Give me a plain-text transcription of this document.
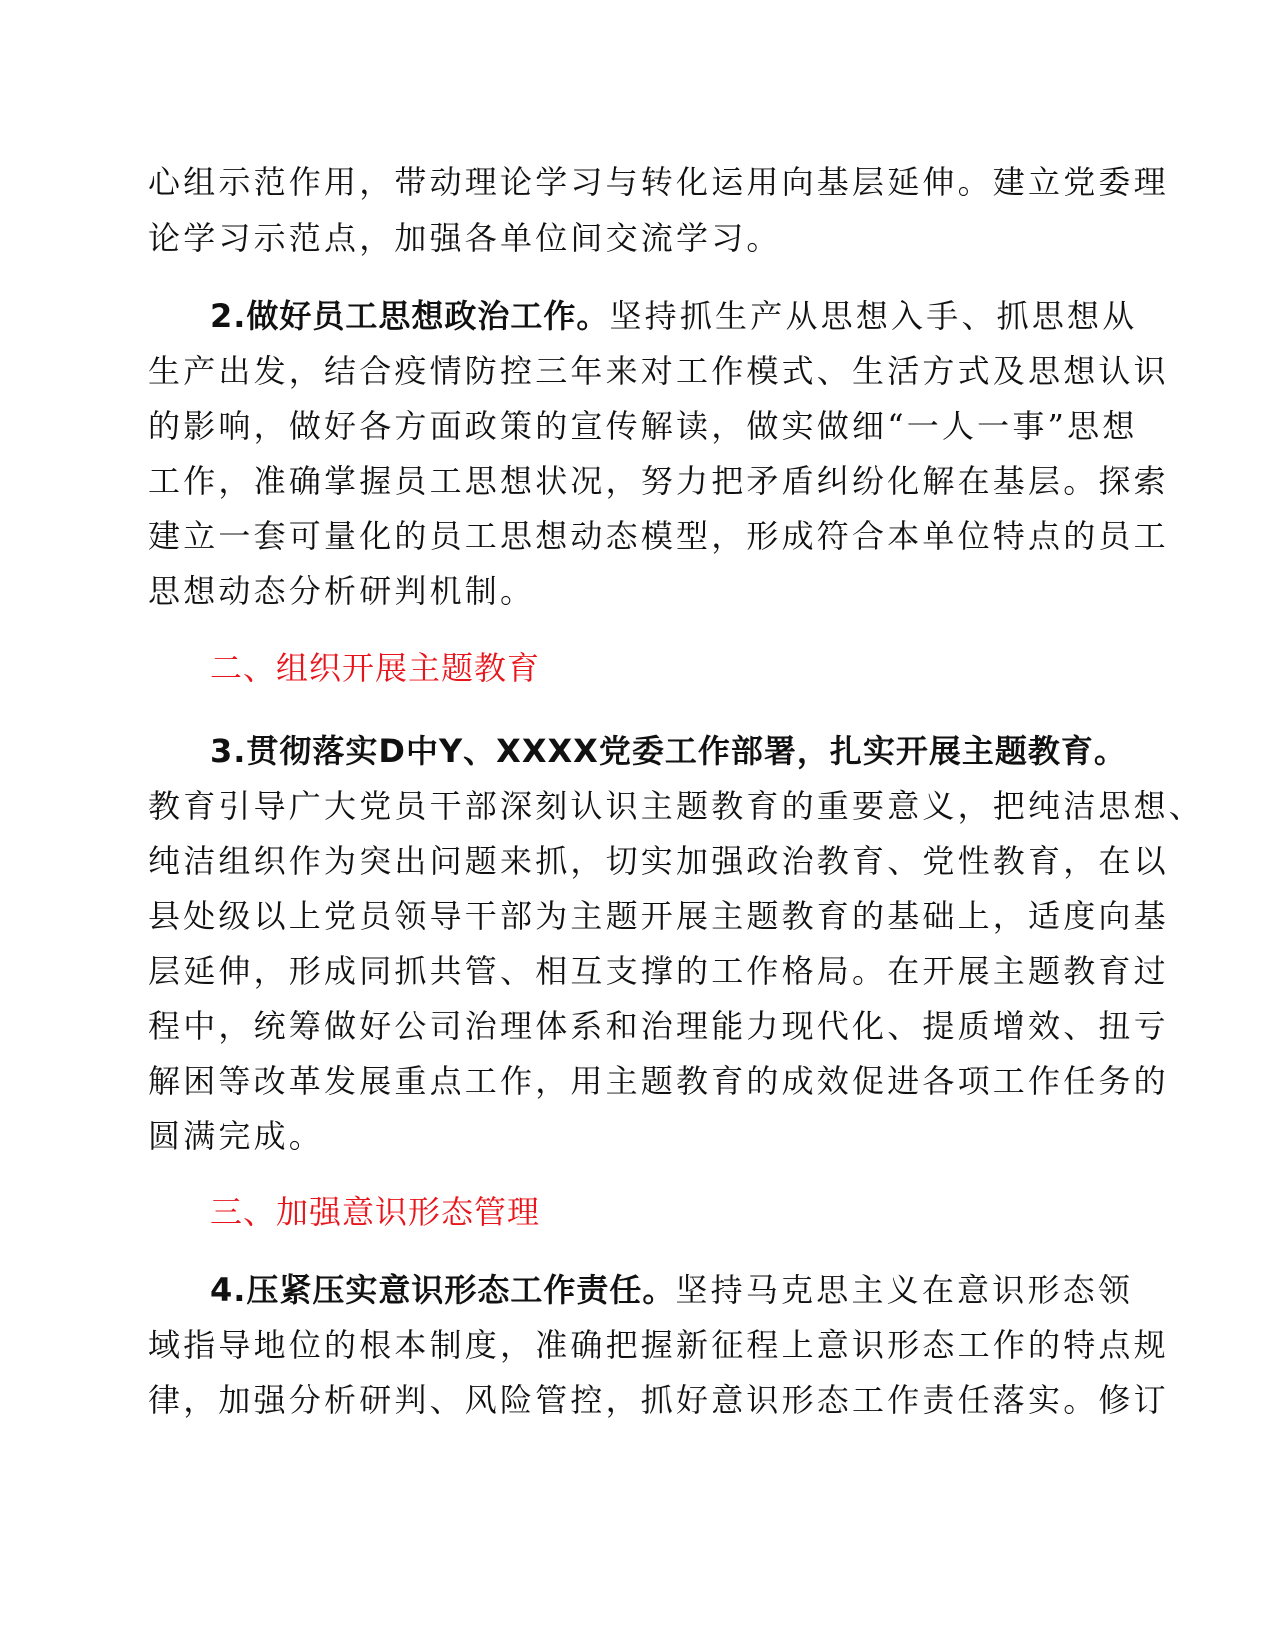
心组示范作用，带动理论学习与转化运用向基层延伸。建立党委理
论学习示范点，加强各单位间交流学习。
2.做好员工思想政治工作。坚持抓生产从思想入手、抓思想从
生产出发，结合疫情防控三年来对工作模式、生活方式及思想认识
的影响，做好各方面政策的宣传解读，做实做细“一人一事”思想
工作，准确掌握员工思想状况，努力把矛盾纠纷化解在基层。探索
建立一套可量化的员工思想动态模型，形成符合本单位特点的员工
思想动态分析研判机制。
二、组织开展主题教育
3.贯彻落实D中Y、XXXX党委工作部署，扎实开展主题教育。
教育引导广大党员干部深刻认识主题教育的重要意义，把纯洁思想、
纯洁组织作为突出问题来抓，切实加强政治教育、党性教育，在以
县处级以上党员领导干部为主题开展主题教育的基础上，适度向基
层延伸，形成同抓共管、相互支撑的工作格局。在开展主题教育过
程中，统筹做好公司治理体系和治理能力现代化、提质增效、扭亏
解困等改革发展重点工作，用主题教育的成效促进各项工作任务的
圆满完成。
三、加强意识形态管理
4.压紧压实意识形态工作责任。坚持马克思主义在意识形态领
域指导地位的根本制度，准确把握新征程上意识形态工作的特点规
律，加强分析研判、风险管控，抓好意识形态工作责任落实。修订
